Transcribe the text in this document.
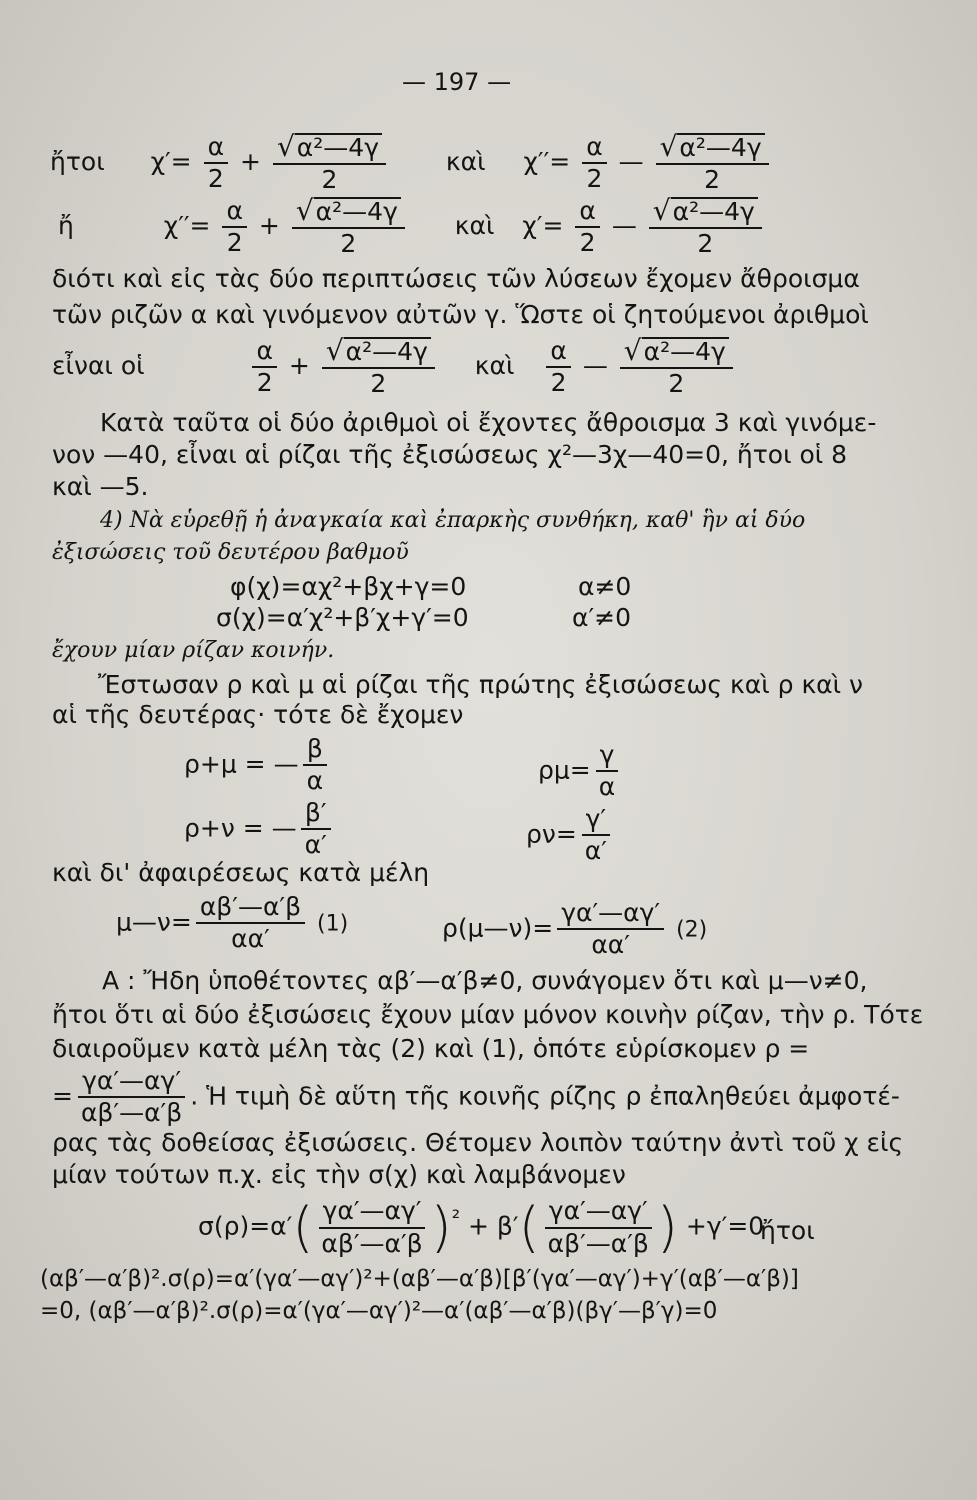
— 197 —
ἤτοι $\chi'= \frac{\alpha}{2} + \frac{\text{√α²—4γ}}{2}$ καὶ $\chi''= \frac{\alpha}{2}$ — $\frac{\text{√α²—4γ}}{2}$
ἤ	$\chi''= \frac{\alpha}{2} + \frac{\text{√α²—4γ}}{2}$ καὶ $\chi'= \frac{\alpha}{2}$ — $\frac{\text{√α²—4γ}}{2}$
διότι καὶ εἰς τὰς δύο περιπτώσεις τῶν λύσεων ἔχομεν ἄθροισμα
τῶν ριζῶν α καὶ γινόμενον αὐτῶν γ. Ὥστε οἱ ζητούμενοι ἀριθμοὶ
εἶναι οἱ	$\frac{\alpha}{2} + \frac{\text{√α²—4γ}}{2}$ καὶ $\frac{\alpha}{2}$ — $\frac{\text{√α²—4γ}}{2}$
Κατὰ ταῦτα οἱ δύο ἀριθμοὶ οἱ ἔχοντες ἄθροισμα 3 καὶ γινόμε-
νον —40, εἶναι αἱ ρίζαι τῆς ἐξισώσεως χ²—3χ—40=0, ἤτοι οἱ 8
καὶ —5.
4) Νὰ εὑρεθῇ ἡ ἀναγκαία καὶ ἐπαρκὴς συνθήκη, καθ' ἣν αἱ δύο
ἐξισώσεις τοῦ δευτέρου βαθμοῦ
φ(χ)=αχ²+βχ+γ=0	α≠0
σ(χ)=α′χ²+β′χ+γ′=0	α′≠0
ἔχουν μίαν ρίζαν κοινήν.
Ἔστωσαν ρ καὶ μ αἱ ρίζαι τῆς πρώτης ἐξισώσεως καὶ ρ καὶ ν
αἱ τῆς δευτέρας· τότε δὲ ἔχομεν
ρ+μ = — $\frac{\beta}{\alpha}$	$\rho\mu= \frac{\gamma}{\alpha}$
ρ+ν = — $\frac{\beta'}{\alpha'}$	$\rho\nu= \frac{\gamma'}{\alpha'}$
καὶ δι' ἀφαιρέσεως κατὰ μέλη
μ—ν= $\frac{\alpha\beta'—\alpha'\beta}{\alpha\alpha'} (1)$	ρ(μ—ν)= $\frac{\gamma\alpha'—\alpha\gamma'}{\alpha\alpha'} (2)$
Α : Ἤδη ὑποθέτοντες αβ′—α′β≠0, συνάγομεν ὅτι καὶ μ—ν≠0,
ἤτοι ὅτι αἱ δύο ἐξισώσεις ἔχουν μίαν μόνον κοινὴν ρίζαν, τὴν ρ. Τότε
διαιροῦμεν κατὰ μέλη τὰς (2) καὶ (1), ὁπότε εὑρίσκομεν ρ =
= $\frac{\gamma\alpha'—\alpha\gamma'}{\alpha\beta'—\alpha'\beta}$ . Ἡ τιμὴ δὲ αὕτη τῆς κοινῆς ρίζης ρ ἐπαληθεύει ἀμφοτέ-
ρας τὰς δοθείσας ἐξισώσεις. Θέτομεν λοιπὸν ταύτην ἀντὶ τοῦ χ εἰς
μίαν τούτων π.χ. εἰς τὴν σ(χ) καὶ λαμβάνομεν
$\sigma(\rho)=\alpha'( \frac{\gamma\alpha'—\alpha\gamma'}{\alpha\beta'—\alpha'\beta} )^{^2} + \beta'( \frac{\gamma\alpha'—\alpha\gamma'}{\alpha\beta'—\alpha'\beta}$ ) +γ′=0
ἤτοι
(αβ′—α′β)².σ(ρ)=α′(γα′—αγ′)²+(αβ′—α′β)[β′(γα′—αγ′)+γ′(αβ′—α′β)]
=0, (αβ′—α′β)².σ(ρ)=α′(γα′—αγ′)²—α′(αβ′—α′β)(βγ′—β′γ)=0
